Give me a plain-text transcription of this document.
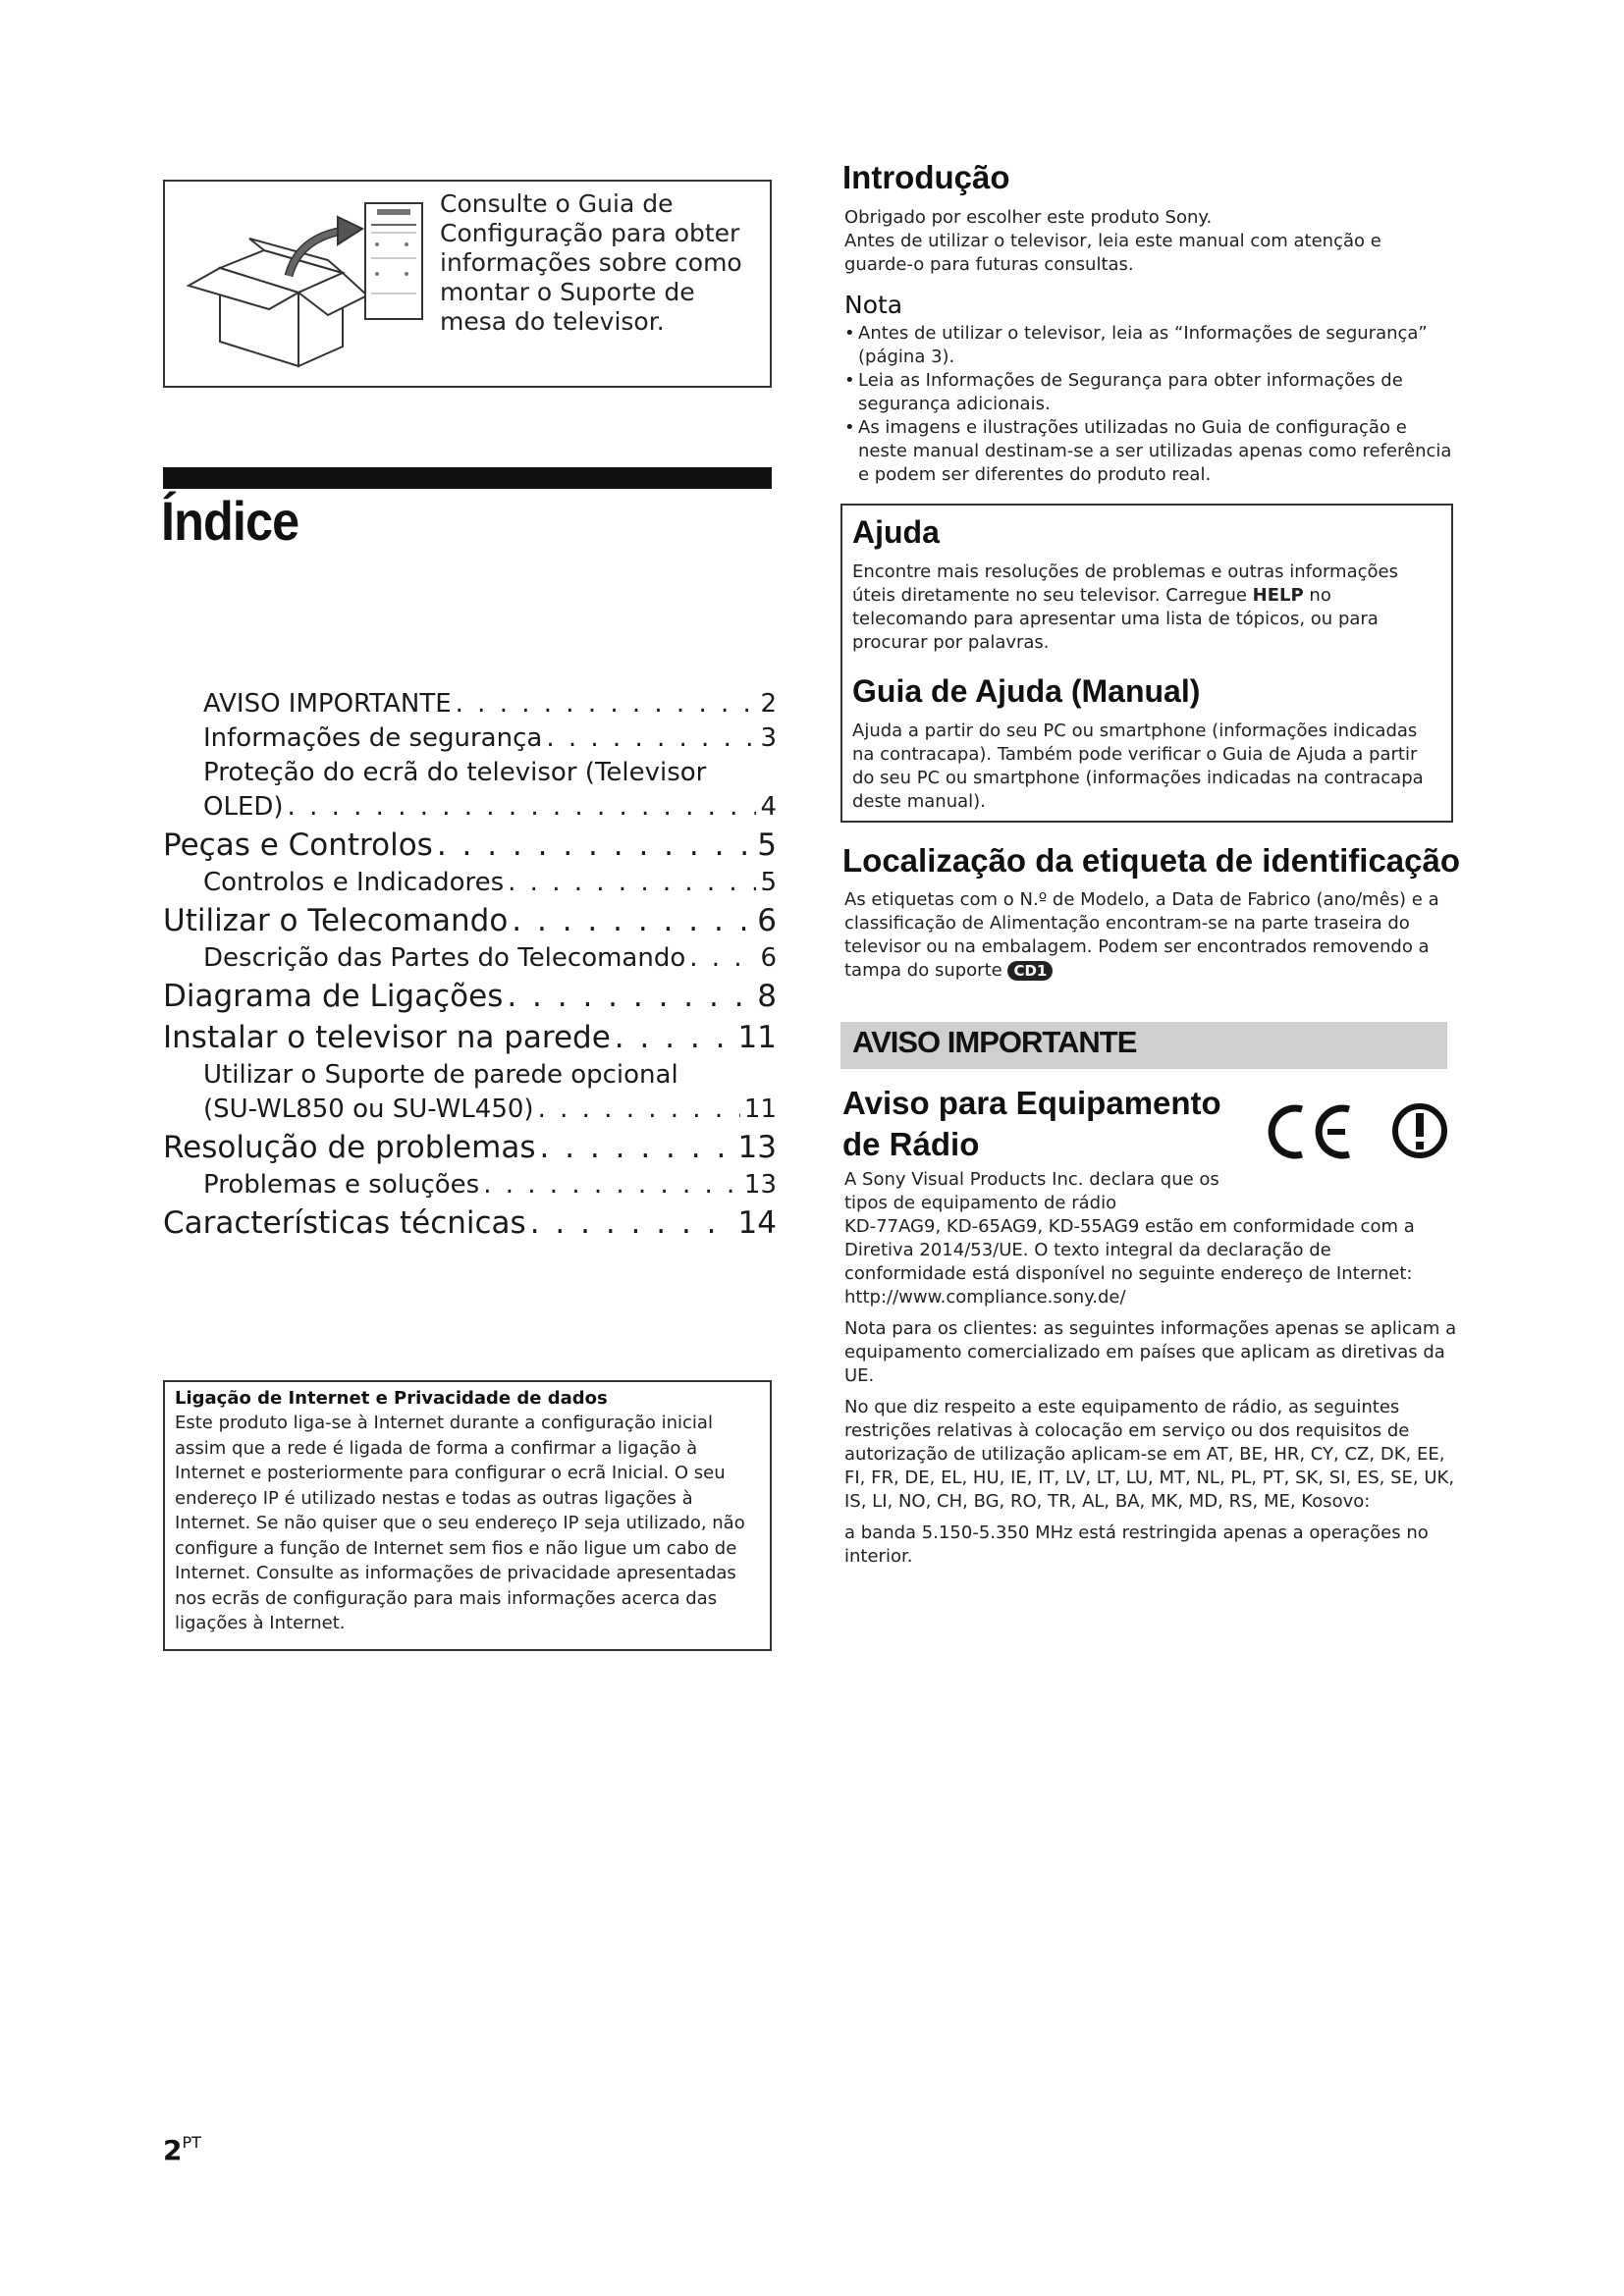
Consulte o Guia de Configuração para obter informações sobre como montar o Suporte de mesa do televisor.
Índice
AVISO IMPORTANTE . . .	2
Informações de segurança . . .	3
Proteção do ecrã do televisor (Televisor
OLED) . . .	4
Peças e Controlos . . .	5
Controlos e Indicadores . . .	5
Utilizar o Telecomando . . .	6
Descrição das Partes do Telecomando . . .	6
Diagrama de Ligações . . .	8
Instalar o televisor na parede . . .	11
Utilizar o Suporte de parede opcional
(SU-WL850 ou SU-WL450) . . .	11
Resolução de problemas . . .	13
Problemas e soluções . . .	13
Características técnicas . . .	14
Ligação de Internet e Privacidade de dados
Este produto liga-se à Internet durante a configuração inicial assim que a rede é ligada de forma a confirmar a ligação à Internet e posteriormente para configurar o ecrã Inicial. O seu endereço IP é utilizado nestas e todas as outras ligações à Internet. Se não quiser que o seu endereço IP seja utilizado, não configure a função de Internet sem fios e não ligue um cabo de Internet. Consulte as informações de privacidade apresentadas nos ecrãs de configuração para mais informações acerca das ligações à Internet.
$2^{PT}$
Introdução
Obrigado por escolher este produto Sony.
Antes de utilizar o televisor, leia este manual com atenção e guarde-o para futuras consultas.
Nota
• Antes de utilizar o televisor, leia as “Informações de segurança” (página 3).
• Leia as Informações de Segurança para obter informações de segurança adicionais.
• As imagens e ilustrações utilizadas no Guia de configuração e neste manual destinam-se a ser utilizadas apenas como referência e podem ser diferentes do produto real.
Ajuda
Encontre mais resoluções de problemas e outras informações úteis diretamente no seu televisor. Carregue HELP no telecomando para apresentar uma lista de tópicos, ou para procurar por palavras.
Guia de Ajuda (Manual)
Ajuda a partir do seu PC ou smartphone (informações indicadas na contracapa). Também pode verificar o Guia de Ajuda a partir do seu PC ou smartphone (informações indicadas na contracapa deste manual).
Localização da etiqueta de identificação
As etiquetas com o N.º de Modelo, a Data de Fabrico (ano/mês) e a classificação de Alimentação encontram-se na parte traseira do televisor ou na embalagem. Podem ser encontrados removendo a tampa do suporte CD1
AVISO IMPORTANTE
Aviso para Equipamento de Rádio

A Sony Visual Products Inc. declara que os tipos de equipamento de rádio

KD-77AG9, KD-65AG9, KD-55AG9 estão em conformidade com a Diretiva 2014/53/UE. O texto integral da declaração de conformidade está disponível no seguinte endereço de Internet: http://www.compliance.sony.de/

Nota para os clientes: as seguintes informações apenas se aplicam a equipamento comercializado em países que aplicam as diretivas da UE.

No que diz respeito a este equipamento de rádio, as seguintes restrições relativas à colocação em serviço ou dos requisitos de autorização de utilização aplicam-se em AT, BE, HR, CY, CZ, DK, EE, FI, FR, DE, EL, HU, IE, IT, LV, LT, LU, MT, NL, PL, PT, SK, SI, ES, SE, UK, IS, LI, NO, CH, BG, RO, TR, AL, BA, MK, MD, RS, ME, Kosovo:

a banda 5.150-5.350 MHz está restringida apenas a operações no interior.
